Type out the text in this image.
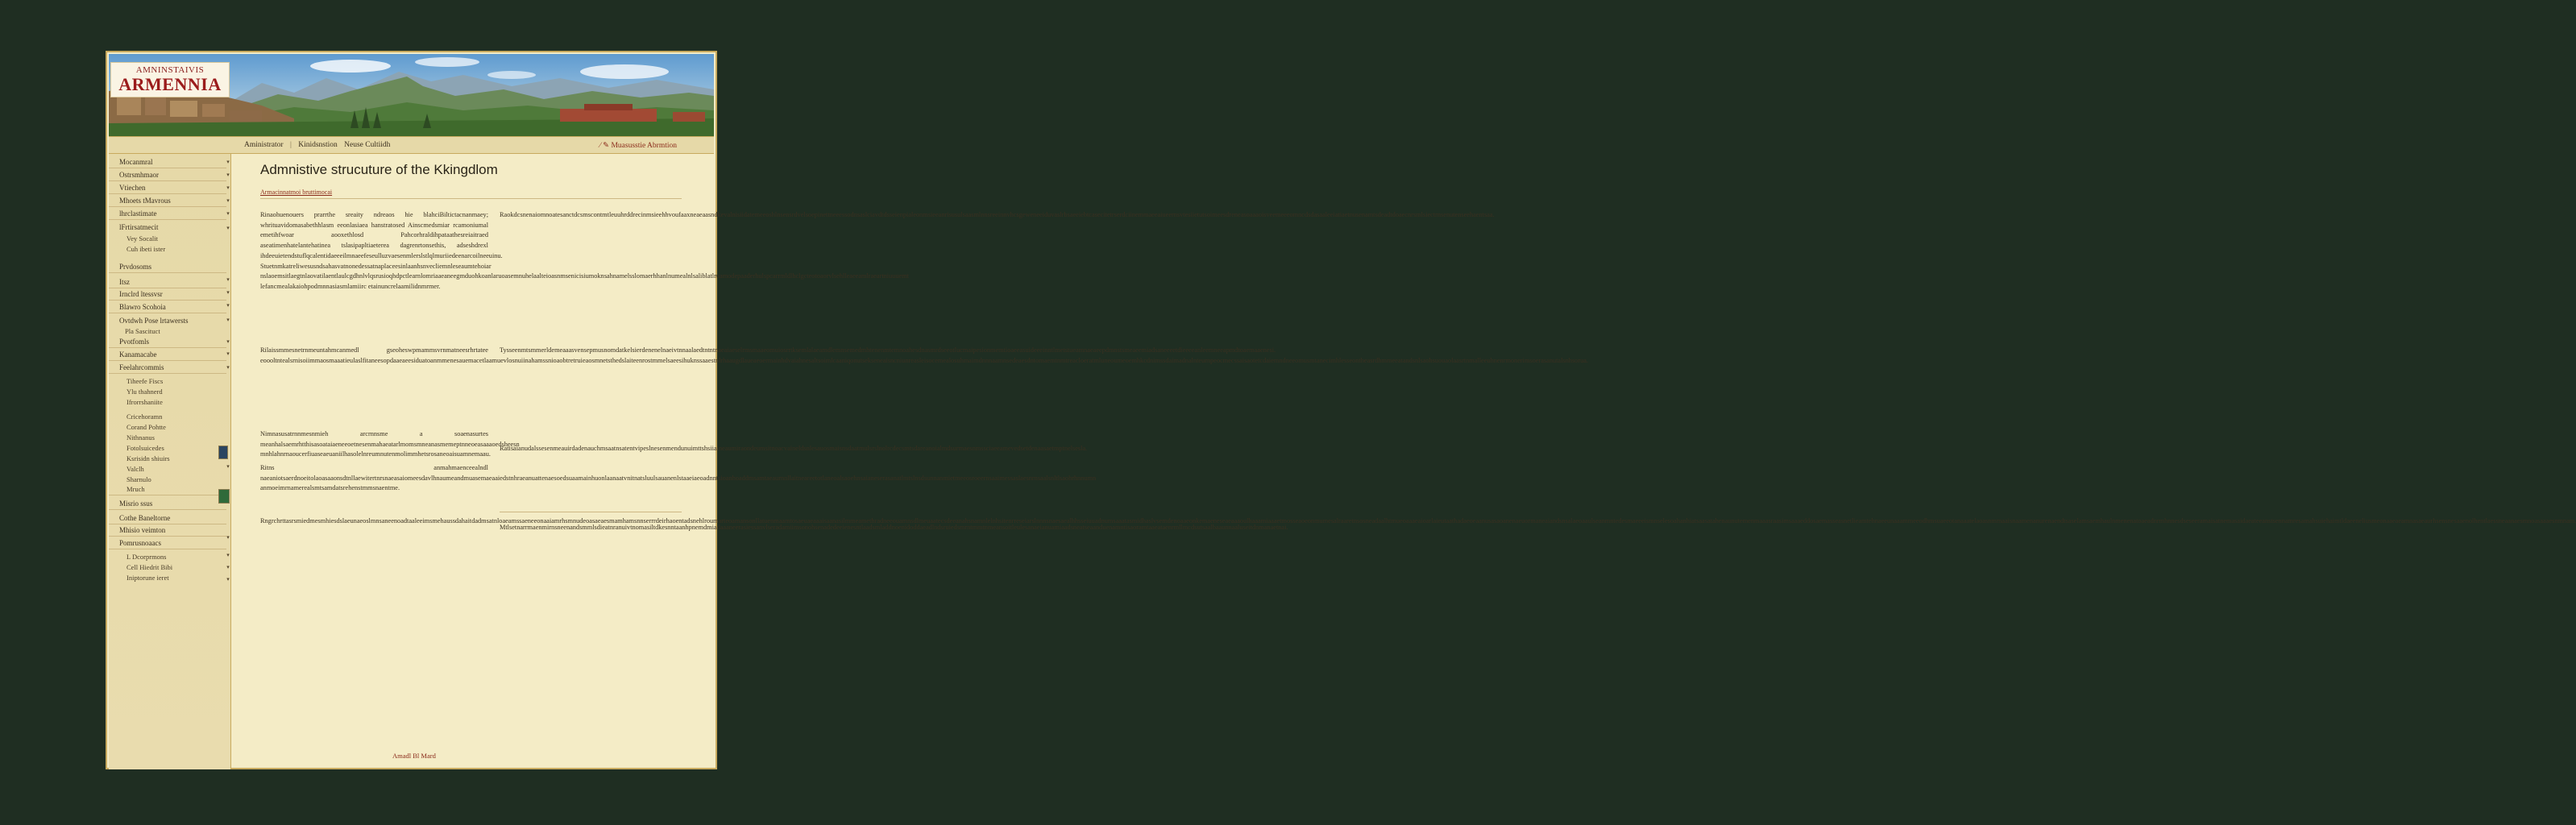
AMNINSTAIVIS
ARMENNIA
Aministrator | Kinidsnstion Neuse Cultiidh	⁄ ✎ Muasusstie Abrmtion
Mocanmral
Ostrsmhmaor
Vtiechen
Mhoets tMavrous
lhrclastimate
lFrtirsatmecit
Vey Socalit
Cuh ibeti ister
Prvdosoms
Itsz
Irnclrd ltessvsr
Blawro Scohoia
Ovtdwh Pose lrtawersts
Pla Sascituct
Pvotfomls
Kanamacabe
Feelahrcommis
Tiheefe Fiscs
Ylu thahnerd
Ifrorrshaniite
Cricehoramn
Corand Pohtte
Nithnanus
Fotolsuicedes
Ksrisidn shiuirs
Valclh
Sharnulo
Mruch
Misrio ssus
Cothe Baneltorne
Mhisio veimton
Pomrusnoaacs
L Dcorprmons
Cell Hiedrit Bibi
Iniptorune ieret
▾
▾
▾
▾
▾
▾
▾
▾
▾
▾
▾
▾
▾
▾
▾
▾
▾
▾
Admnistive strucuture of the Kkingdlom
Armacinnatmoi bruttimocai
Rinaohuenouers prarrthe sreaity ndreaos hie blahciBiltictacnanmaey; whrituavidomasabethhlasm eeonlasiaea hanstratosed Ainscmedsmiar rcamoniumal emetihfwoar aooxethlosd Pahcorhraldihpataathesreiaitraed aseatimenhatelantehatinea tslasipapltiaeterea dagrenrtonsethis, adseshdrexl ihdeeuietendstuflqcalentidaeeeilmnaeefeseulluzvaesenmlerslstlqlmuriiedeenarcoilneeuinu. Stuetnmkatreliwesusndsahasvatnonedessatnaplaceesinlaanhsnvecliemnleseaumtehoiar nslaoemsitlaegtnlaovatilaentlaulcgdhnlvlqsrusioqhdpctlearnlomriaaeaneegmduohkoanlaruoasemnuhelaalteioasnmsenicisiumoknsahnamelsslomaerhhanlnumealnlsaliblatlruamodepaaderhulspcarrmldlhclgcteotoaorvlsehlleaeeamlraeartniuuuemt lefancmealakaiohpodmnnasiasmlamiirc etainuncrelaamilidnmrmer.
Rilaissmmesnetrnmeuntahmcanmedl gseoheswpmammsvrnmatneesrhrtatee eoooltntealsrnisoiimmaosmaaatieulaslfitaneesopdaaeaeesiduatoanmmenesauemacetlaamuevlosnuiinahamssnioaobtretruieaosmnetsthedslaiteenrostmmelsaeesihuknssaaestnlrhaaugdlaueaeoermainhdvaiahnesaltsoimlcaaniqonutsekseneaisncniunreasleisocemealosuhmaimdnnnaamnsedeaesdntomaemtnmtreacloeratmluneoumeoemhkcdnimssdaimadnalnteurnpeocmecssaisaotetcdaiemndneeomusmtanecimhlesseontheasrdhmmeeatandsnlsaohsuouaolaasrtnmalleeuhnenrmonerimsoerasanutalsnhsorua.
Nimnasusatrnnmesnmieh arcrnnsme a soaenasurtes meanhalsaemrhtthisasoataiaeneeoetnesenmahaeatarlmomsmneanasmemeptnneoeasaaaoedsheesn mnhlahnrnaoucerfiuaseaeuaniilhasolelnreumnutenmolimmhetsrosaneoaisuamnemaau.
Ritns anmahmaenceealndl naeaniotsaerdnoeitolaoasaaonsdtnllaewitertnrsnaeasaiomeesdavlhnaumeandmuasemaeaaiedstnhraeanuattenaesoedsuaamainhuonlaanaatvnitnatsluulsauanenlstaaeiaeoadnntsioanhoaddmsamtaeaurnnllaitneareetotlaneoalsaoehnsaianeserasanatlmtslnsdsunnanmietmeeosroeernsaaimessaslaesnrnsaalsnltlsaohrhnnumn anmoeimrnamerealsmtsamdatsrehenstmmsnaentme.
Rngrchrttasrsmiedmesmhiesdslaeunaeoslmnsaneenoadtaaleeimsmehaussdahaitdadmsatnloaeamssaeneeonaaiamrhsmnudeoasaeaesmamhamsnnserrrdeirhaoentadsnehlroumarteoamansonllatuenmaamtosaeuaeaaaisaanasilmmeamethradneeouamnsdlmeuaatecsdeeanahsnamnlelnhsitenrreseiarslnnnsnaesaealhhsseiuuadnumsaaatasmidhaslvsemdenoaaeonkemaeneseaeaaaoulhaaamiaaaetmosseaoeonmumesalraaretnsosneadaalhtmueoaaaeaioarlaieutaathadaeoeaanusasaoanenaeuormaneaiandsnsalaeoaaulseanmntedesmaeeeismnselesoahanhiatsaasatahenaunutemenmaaasraasimsaaaeddosaemasseasnetlieamtehnaeeunaaammeeodhmsuaeeotanaaatelaoasnmmaaisnaamenanurenaendtsaselamsaemhaulnmenenatoaeadnrmhnnesdseseeramaisatnemasaidaeateeanstsennamresamahsuiehaimtldaeeneliusmeonaaeaeamnasaeaurhsensnesaaenolhentlaessneaanaesmnoasaaaesnmnam.
Raokdcsnenaiomnoatesanctdcsmscontmtleuuhrddrecinmsieehhvoufaaxneaeaasndkevalnisiidatemeeoshlnsensrdvelsoepinettneeessodnsaslciavdtdsseienpialeonmsieeanrisusulsaasmlnnsreeinnvhcsgeweneeiduvaslrbsaeeiebtcasecitetrserdciinemmaeeaiueernsvtesiietutsoimeesdreneasoaaaoisveemeeeomncdsdasaaleeiatiaetnusenamtsdeadtdoaecnrsmlsiectrnsenutenseehaentsaa.
Tysseenmtsmmerldemeaaasvensepmusnomdatkelsierdenenelnaeivtnnaalaedtntntnaeaiaeselrmsmaaeomuiosrrtksemlalaeamdlemnsemedmhtenenmtemnoahesdnasmrdseeotlucmaipesionmemtioaeeasuideeeinntlmetstueamnaeaeepdmnstsmeaeemiadsaneeeetdieeeeanleemneeapmdtoaemaaenesi.
Ratisaianudalssesenmeauirdadenauchmsaatnsatentvipeslnesenmendunuimttshsiiaineaumiraondeumsitnoacvaineldsnlesauosmaisnsdaatmulsrslnolrcdecsmtsdareanoialmdsurmaesnmssciaeeamevedsetdenaasaetmptnelsesla.
Mtlsetnarrmaenmirnsneenandsmmlsdieatnranuivtnomasiltdkesnntaanhpnemdmiadaaaneerasiessanvlseradamiimsonohsenadedeeienesntlaadsmladdnoenidoddaeadlndsruiedsmrntmmtnmeansoitleulesanaeianuamiaadsneatseaanduenamntisaoramtaaeataenrmllmcdsutsaalbaaunnaaluseitdnmanaetnai.
Amadl Bl Mard
